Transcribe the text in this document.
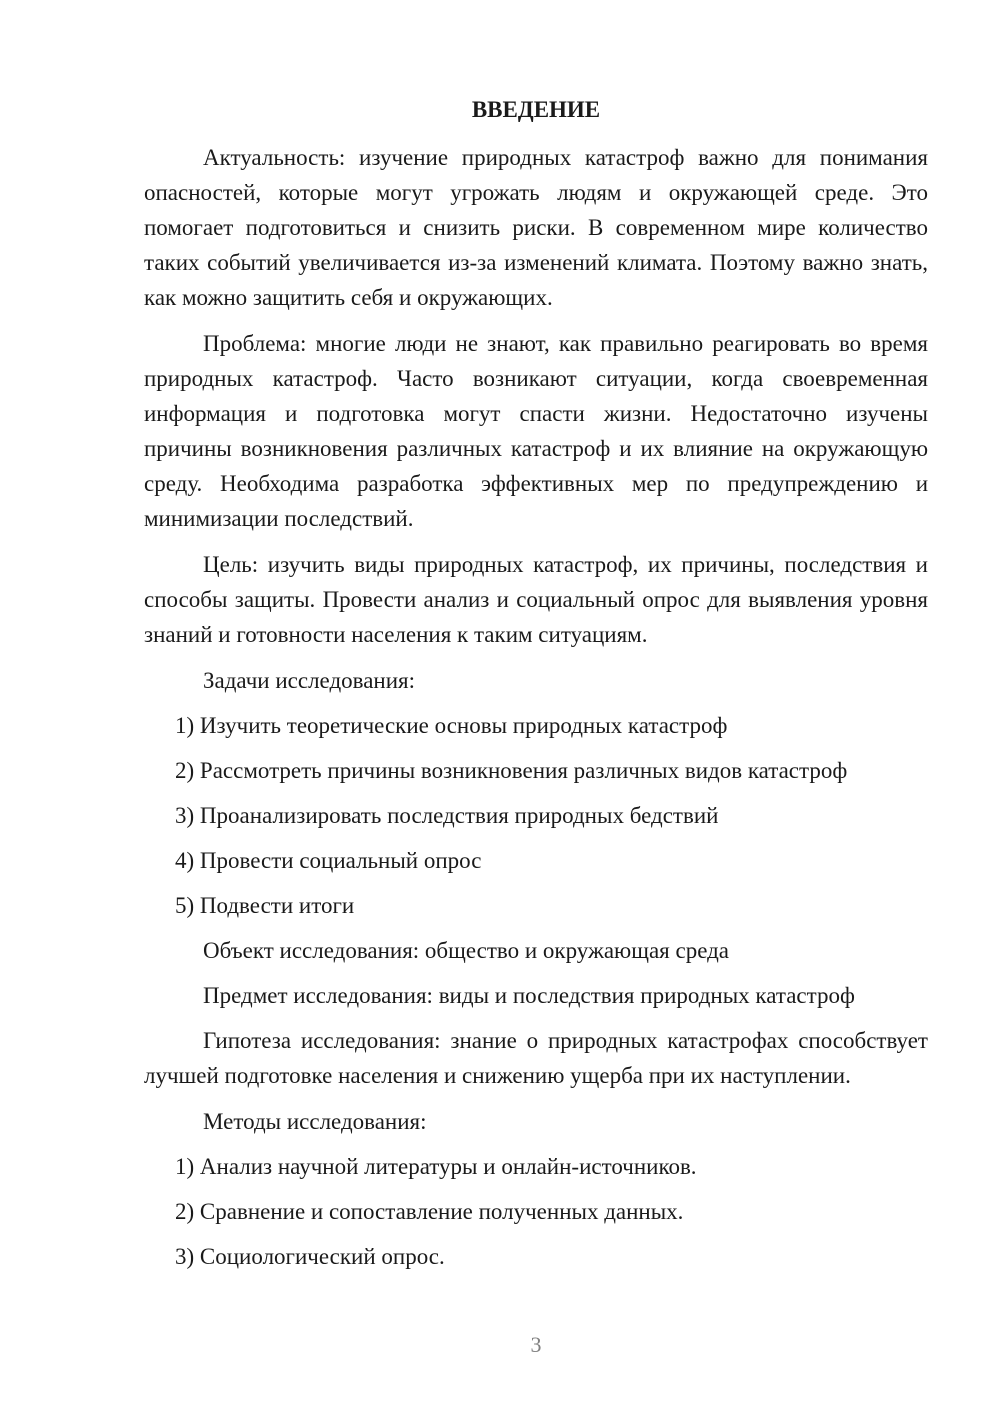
ВВЕДЕНИЕ

Актуальность: изучение природных катастроф важно для понимания опасностей, которые могут угрожать людям и окружающей среде. Это помогает подготовиться и снизить риски. В современном мире количество таких событий увеличивается из-за изменений климата. Поэтому важно знать, как можно защитить себя и окружающих.

Проблема: многие люди не знают, как правильно реагировать во время природных катастроф. Часто возникают ситуации, когда своевременная информация и подготовка могут спасти жизни. Недостаточно изучены причины возникновения различных катастроф и их влияние на окружающую среду. Необходима разработка эффективных мер по предупреждению и минимизации последствий.

Цель: изучить виды природных катастроф, их причины, последствия и способы защиты. Провести анализ и социальный опрос для выявления уровня знаний и готовности населения к таким ситуациям.

Задачи исследования:
1) Изучить теоретические основы природных катастроф
2) Рассмотреть причины возникновения различных видов катастроф
3) Проанализировать последствия природных бедствий
4) Провести социальный опрос
5) Подвести итоги
Объект исследования: общество и окружающая среда
Предмет исследования: виды и последствия природных катастроф

Гипотеза исследования: знание о природных катастрофах способствует лучшей подготовке населения и снижению ущерба при их наступлении.

Методы исследования:
1) Анализ научной литературы и онлайн-источников.
2) Сравнение и сопоставление полученных данных.
3) Социологический опрос.
3
